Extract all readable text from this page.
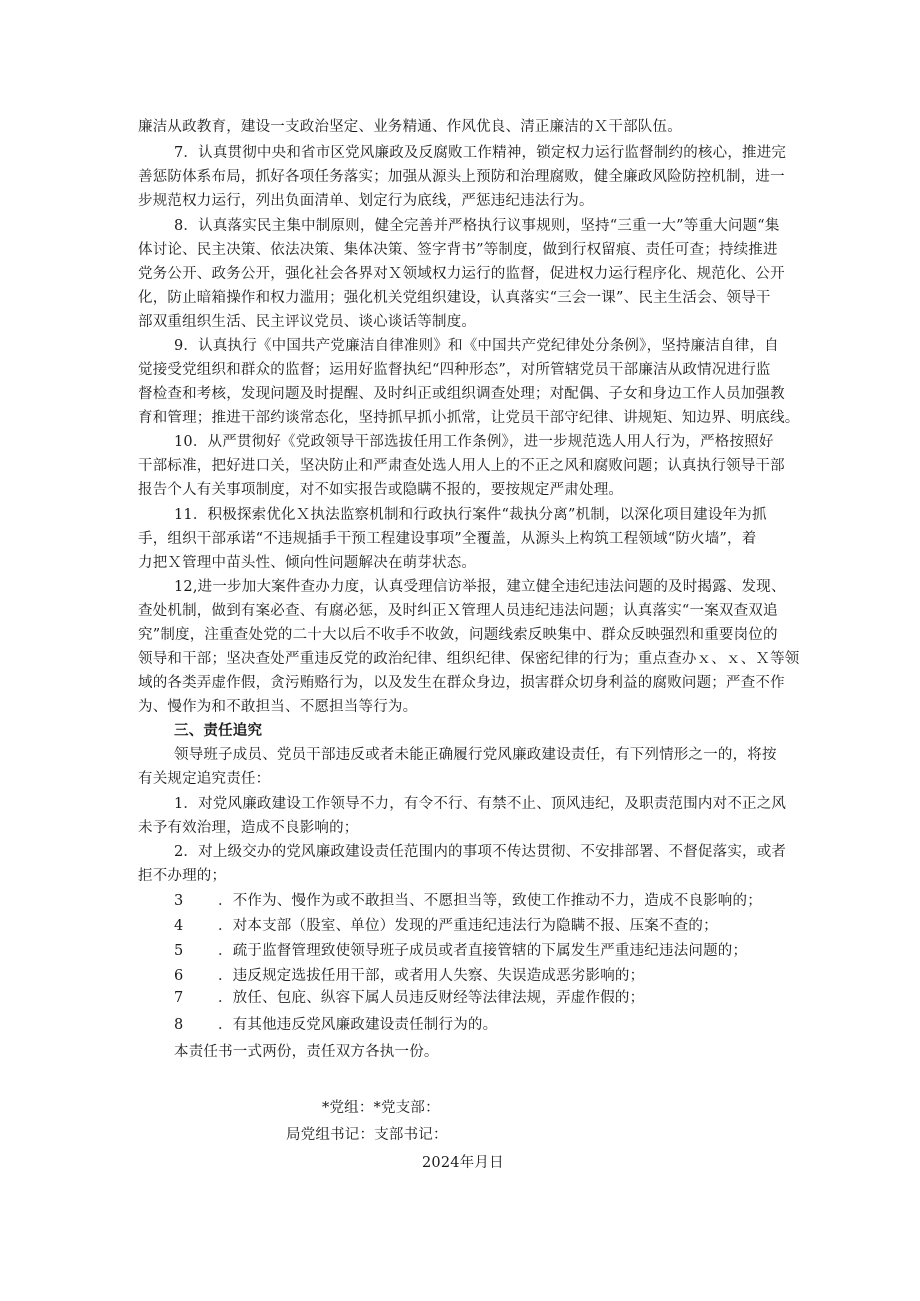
廉洁从政教育，建设一支政治坚定、业务精通、作风优良、清正廉洁的Ｘ干部队伍。
7．认真贯彻中央和省市区党风廉政及反腐败工作精神，锁定权力运行监督制约的核心，推进完
善惩防体系布局，抓好各项任务落实；加强从源头上预防和治理腐败，健全廉政风险防控机制，进一
步规范权力运行，列出负面清单、划定行为底线，严惩违纪违法行为。
8．认真落实民主集中制原则，健全完善并严格执行议事规则，坚持“三重一大”等重大问题“集
体讨论、民主决策、依法决策、集体决策、签字背书”等制度，做到行权留痕、责任可查；持续推进
党务公开、政务公开，强化社会各界对Ｘ领域权力运行的监督，促进权力运行程序化、规范化、公开
化，防止暗箱操作和权力滥用；强化机关党组织建设，认真落实“三会一课”、民主生活会、领导干
部双重组织生活、民主评议党员、谈心谈话等制度。
9．认真执行《中国共产党廉洁自律准则》和《中国共产党纪律处分条例》，坚持廉洁自律，自
觉接受党组织和群众的监督；运用好监督执纪“四种形态”，对所管辖党员干部廉洁从政情况进行监
督检查和考核，发现问题及时提醒、及时纠正或组织调查处理；对配偶、子女和身边工作人员加强教
育和管理；推进干部约谈常态化，坚持抓早抓小抓常，让党员干部守纪律、讲规矩、知边界、明底线。
10．从严贯彻好《党政领导干部选拔任用工作条例》，进一步规范选人用人行为，严格按照好
干部标准，把好进口关，坚决防止和严肃查处选人用人上的不正之风和腐败问题；认真执行领导干部
报告个人有关事项制度，对不如实报告或隐瞒不报的，要按规定严肃处理。
11．积极探索优化Ｘ执法监察机制和行政执行案件“裁执分离”机制，以深化项目建设年为抓
手，组织干部承诺“不违规插手干预工程建设事项”全覆盖，从源头上构筑工程领域“防火墙”，着
力把Ｘ管理中苗头性、倾向性问题解决在萌芽状态。
12,进一步加大案件查办力度，认真受理信访举报，建立健全违纪违法问题的及时揭露、发现、
查处机制，做到有案必查、有腐必惩，及时纠正Ｘ管理人员违纪违法问题；认真落实“一案双查双追
究”制度，注重查处党的二十大以后不收手不收敛，问题线索反映集中、群众反映强烈和重要岗位的
领导和干部；坚决查处严重违反党的政治纪律、组织纪律、保密纪律的行为；重点查办ｘ、ｘ、Ｘ等领
域的各类弄虚作假，贪污贿赂行为，以及发生在群众身边，损害群众切身利益的腐败问题；严查不作
为、慢作为和不敢担当、不愿担当等行为。
三、责任追究
领导班子成员、党员干部违反或者未能正确履行党风廉政建设责任，有下列情形之一的，将按
有关规定追究责任：
1．对党风廉政建设工作领导不力，有令不行、有禁不止、顶风违纪，及职责范围内对不正之风
未予有效治理，造成不良影响的；
2．对上级交办的党风廉政建设责任范围内的事项不传达贯彻、不安排部署、不督促落实，或者
拒不办理的；
3 ．不作为、慢作为或不敢担当、不愿担当等，致使工作推动不力，造成不良影响的；
4 ．对本支部（股室、单位）发现的严重违纪违法行为隐瞒不报、压案不查的；
5 ．疏于监督管理致使领导班子成员或者直接管辖的下属发生严重违纪违法问题的；
6 ．违反规定选拔任用干部，或者用人失察、失误造成恶劣影响的；
7 ．放任、包庇、纵容下属人员违反财经等法律法规，弄虚作假的；
8 ．有其他违反党风廉政建设责任制行为的。
本责任书一式两份，责任双方各执一份。
*党组：*党支部：
局党组书记：支部书记：
2024年月日
